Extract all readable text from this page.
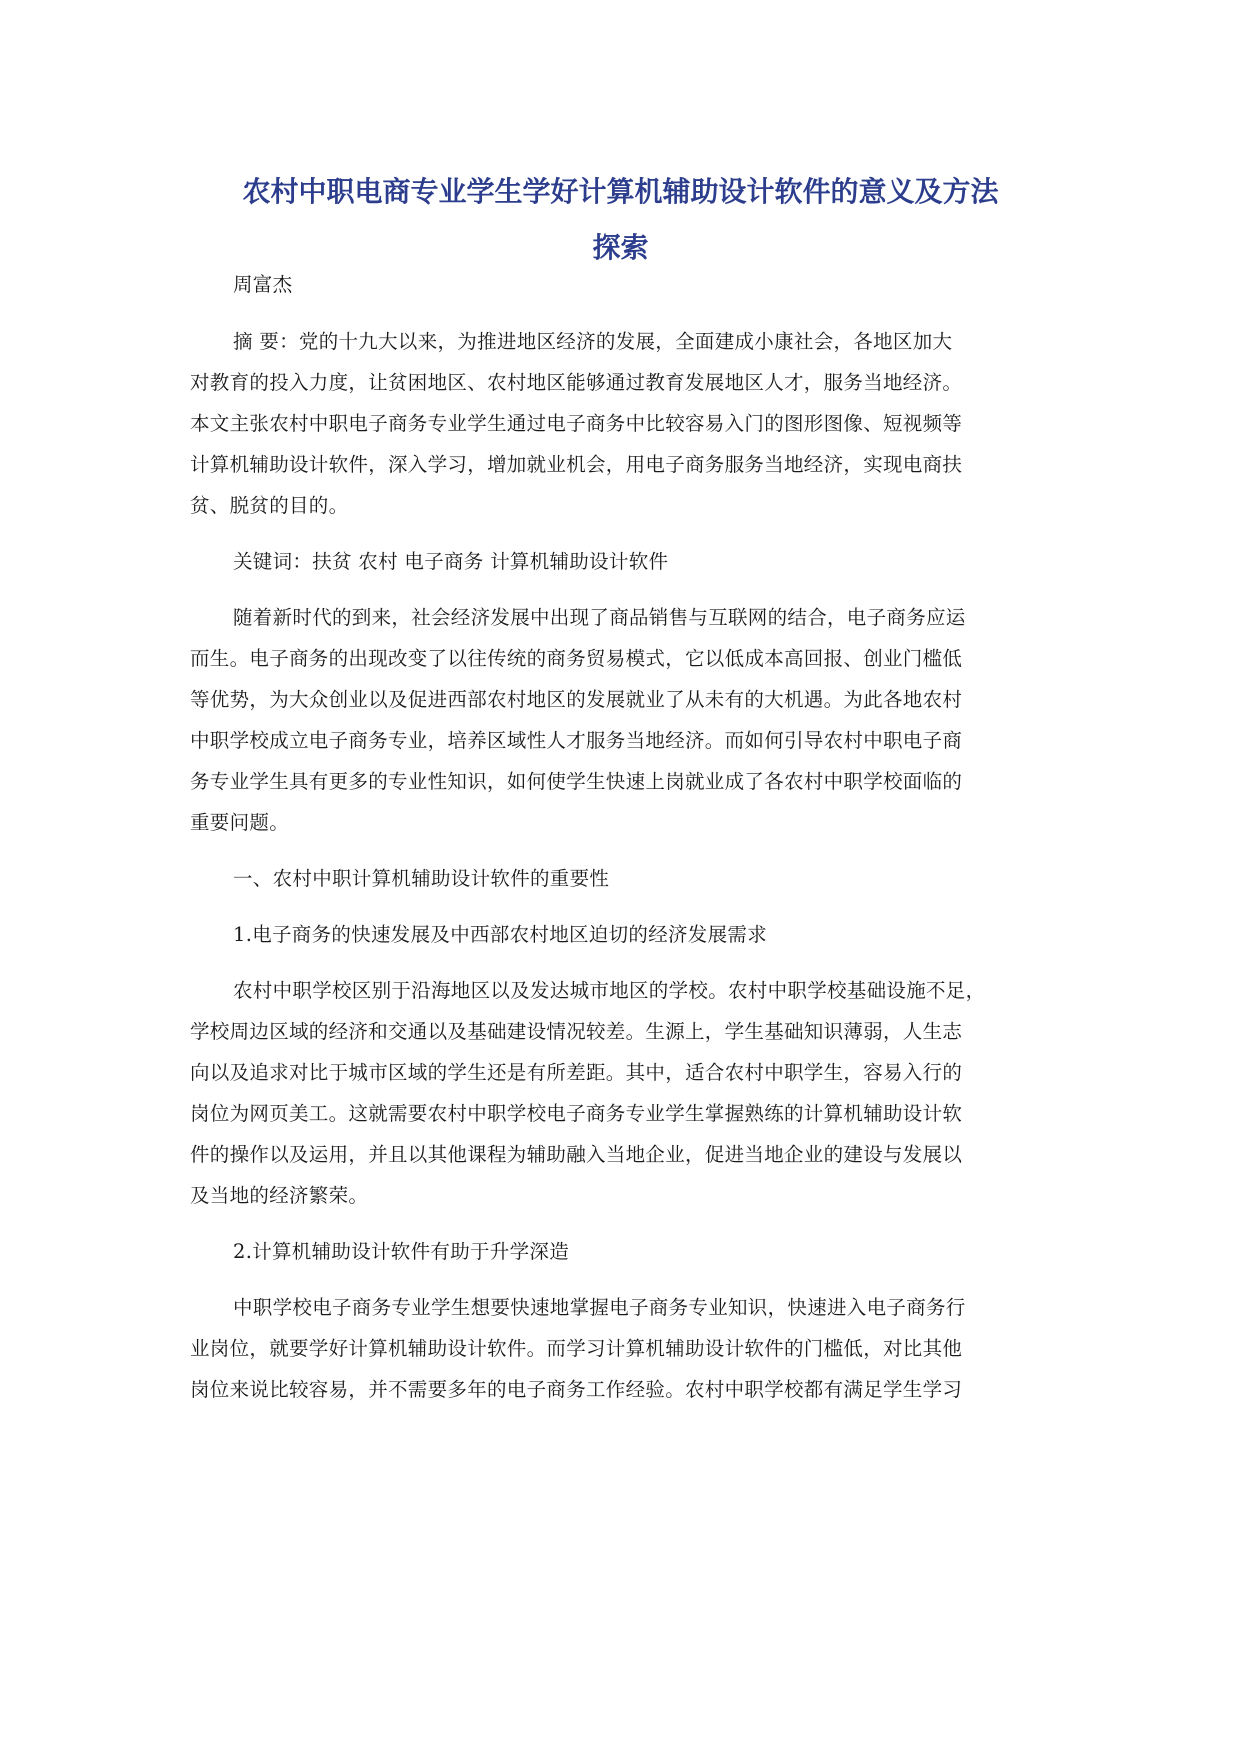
农村中职电商专业学生学好计算机辅助设计软件的意义及方法
探索
周富杰
摘 要：党的十九大以来，为推进地区经济的发展，全面建成小康社会，各地区加大
对教育的投入力度，让贫困地区、农村地区能够通过教育发展地区人才，服务当地经济。
本文主张农村中职电子商务专业学生通过电子商务中比较容易入门的图形图像、短视频等
计算机辅助设计软件，深入学习，增加就业机会，用电子商务服务当地经济，实现电商扶
贫、脱贫的目的。
关键词：扶贫 农村 电子商务 计算机辅助设计软件
随着新时代的到来，社会经济发展中出现了商品销售与互联网的结合，电子商务应运
而生。电子商务的出现改变了以往传统的商务贸易模式，它以低成本高回报、创业门槛低
等优势，为大众创业以及促进西部农村地区的发展就业了从未有的大机遇。为此各地农村
中职学校成立电子商务专业，培养区域性人才服务当地经济。而如何引导农村中职电子商
务专业学生具有更多的专业性知识，如何使学生快速上岗就业成了各农村中职学校面临的
重要问题。
一、农村中职计算机辅助设计软件的重要性
1.电子商务的快速发展及中西部农村地区迫切的经济发展需求
农村中职学校区别于沿海地区以及发达城市地区的学校。农村中职学校基础设施不足，
学校周边区域的经济和交通以及基础建设情况较差。生源上，学生基础知识薄弱，人生志
向以及追求对比于城市区域的学生还是有所差距。其中，适合农村中职学生，容易入行的
岗位为网页美工。这就需要农村中职学校电子商务专业学生掌握熟练的计算机辅助设计软
件的操作以及运用，并且以其他课程为辅助融入当地企业，促进当地企业的建设与发展以
及当地的经济繁荣。
2.计算机辅助设计软件有助于升学深造
中职学校电子商务专业学生想要快速地掌握电子商务专业知识，快速进入电子商务行
业岗位，就要学好计算机辅助设计软件。而学习计算机辅助设计软件的门槛低，对比其他
岗位来说比较容易，并不需要多年的电子商务工作经验。农村中职学校都有满足学生学习
